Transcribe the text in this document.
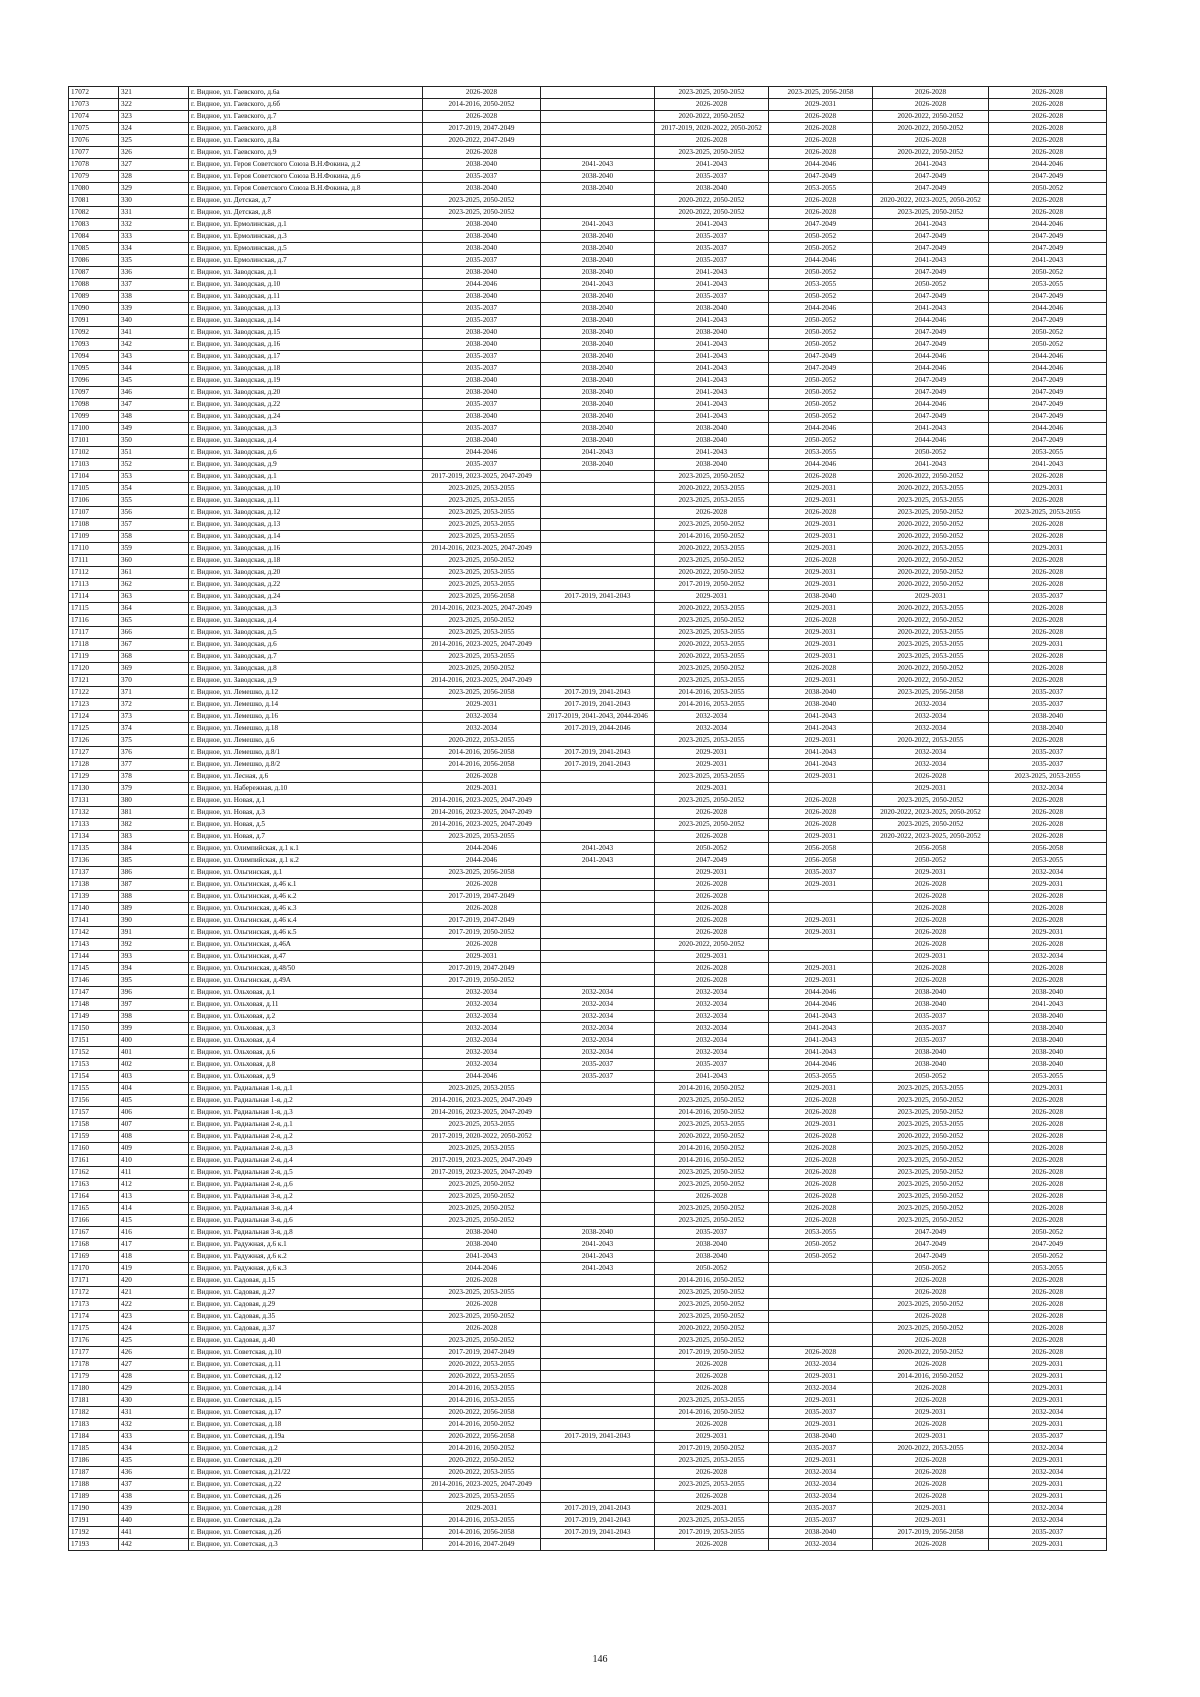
17072	321	г. Видное, ул. Гаевского, д.6а	2026-2028		2023-2025, 2050-2052	2023-2025, 2056-2058	2026-2028	2026-2028
17073	322	г. Видное, ул. Гаевского, д.6б	2014-2016, 2050-2052		2026-2028	2029-2031	2026-2028	2026-2028
17074	323	г. Видное, ул. Гаевского, д.7	2026-2028		2020-2022, 2050-2052	2026-2028	2020-2022, 2050-2052	2026-2028
17075	324	г. Видное, ул. Гаевского, д.8	2017-2019, 2047-2049		2017-2019, 2020-2022, 2050-2052	2026-2028	2020-2022, 2050-2052	2026-2028
17076	325	г. Видное, ул. Гаевского, д.8а	2020-2022, 2047-2049		2026-2028	2026-2028	2026-2028	2026-2028
17077	326	г. Видное, ул. Гаевского, д.9	2026-2028		2023-2025, 2050-2052	2026-2028	2020-2022, 2050-2052	2026-2028
17078	327	г. Видное, ул. Героя Советского Союза В.Н.Фокина, д.2	2038-2040	2041-2043	2041-2043	2044-2046	2041-2043	2044-2046
17079	328	г. Видное, ул. Героя Советского Союза В.Н.Фокина, д.6	2035-2037	2038-2040	2035-2037	2047-2049	2047-2049	2047-2049
17080	329	г. Видное, ул. Героя Советского Союза В.Н.Фокина, д.8	2038-2040	2038-2040	2038-2040	2053-2055	2047-2049	2050-2052
17081	330	г. Видное, ул. Детская, д.7	2023-2025, 2050-2052		2020-2022, 2050-2052	2026-2028	2020-2022, 2023-2025, 2050-2052	2026-2028
17082	331	г. Видное, ул. Детская, д.8	2023-2025, 2050-2052		2020-2022, 2050-2052	2026-2028	2023-2025, 2050-2052	2026-2028
17083	332	г. Видное, ул. Ермолинская, д.1	2038-2040	2041-2043	2041-2043	2047-2049	2041-2043	2044-2046
17084	333	г. Видное, ул. Ермолинская, д.3	2038-2040	2038-2040	2035-2037	2050-2052	2047-2049	2047-2049
17085	334	г. Видное, ул. Ермолинская, д.5	2038-2040	2038-2040	2035-2037	2050-2052	2047-2049	2047-2049
17086	335	г. Видное, ул. Ермолинская, д.7	2035-2037	2038-2040	2035-2037	2044-2046	2041-2043	2041-2043
17087	336	г. Видное, ул. Заводская, д.1	2038-2040	2038-2040	2041-2043	2050-2052	2047-2049	2050-2052
17088	337	г. Видное, ул. Заводская, д.10	2044-2046	2041-2043	2041-2043	2053-2055	2050-2052	2053-2055
17089	338	г. Видное, ул. Заводская, д.11	2038-2040	2038-2040	2035-2037	2050-2052	2047-2049	2047-2049
17090	339	г. Видное, ул. Заводская, д.13	2035-2037	2038-2040	2038-2040	2044-2046	2041-2043	2044-2046
17091	340	г. Видное, ул. Заводская, д.14	2035-2037	2038-2040	2041-2043	2050-2052	2044-2046	2047-2049
17092	341	г. Видное, ул. Заводская, д.15	2038-2040	2038-2040	2038-2040	2050-2052	2047-2049	2050-2052
17093	342	г. Видное, ул. Заводская, д.16	2038-2040	2038-2040	2041-2043	2050-2052	2047-2049	2050-2052
17094	343	г. Видное, ул. Заводская, д.17	2035-2037	2038-2040	2041-2043	2047-2049	2044-2046	2044-2046
17095	344	г. Видное, ул. Заводская, д.18	2035-2037	2038-2040	2041-2043	2047-2049	2044-2046	2044-2046
17096	345	г. Видное, ул. Заводская, д.19	2038-2040	2038-2040	2041-2043	2050-2052	2047-2049	2047-2049
17097	346	г. Видное, ул. Заводская, д.20	2038-2040	2038-2040	2041-2043	2050-2052	2047-2049	2047-2049
17098	347	г. Видное, ул. Заводская, д.22	2035-2037	2038-2040	2041-2043	2050-2052	2044-2046	2047-2049
17099	348	г. Видное, ул. Заводская, д.24	2038-2040	2038-2040	2041-2043	2050-2052	2047-2049	2047-2049
17100	349	г. Видное, ул. Заводская, д.3	2035-2037	2038-2040	2038-2040	2044-2046	2041-2043	2044-2046
17101	350	г. Видное, ул. Заводская, д.4	2038-2040	2038-2040	2038-2040	2050-2052	2044-2046	2047-2049
17102	351	г. Видное, ул. Заводская, д.6	2044-2046	2041-2043	2041-2043	2053-2055	2050-2052	2053-2055
17103	352	г. Видное, ул. Заводская, д.9	2035-2037	2038-2040	2038-2040	2044-2046	2041-2043	2041-2043
17104	353	г. Видное, ул. Заводская, д.1	2017-2019, 2023-2025, 2047-2049		2023-2025, 2050-2052	2026-2028	2020-2022, 2050-2052	2026-2028
17105	354	г. Видное, ул. Заводская, д.10	2023-2025, 2053-2055		2020-2022, 2053-2055	2029-2031	2020-2022, 2053-2055	2029-2031
17106	355	г. Видное, ул. Заводская, д.11	2023-2025, 2053-2055		2023-2025, 2053-2055	2029-2031	2023-2025, 2053-2055	2026-2028
17107	356	г. Видное, ул. Заводская, д.12	2023-2025, 2053-2055		2026-2028	2026-2028	2023-2025, 2050-2052	2023-2025, 2053-2055
17108	357	г. Видное, ул. Заводская, д.13	2023-2025, 2053-2055		2023-2025, 2050-2052	2029-2031	2020-2022, 2050-2052	2026-2028
17109	358	г. Видное, ул. Заводская, д.14	2023-2025, 2053-2055		2014-2016, 2050-2052	2029-2031	2020-2022, 2050-2052	2026-2028
17110	359	г. Видное, ул. Заводская, д.16	2014-2016, 2023-2025, 2047-2049		2020-2022, 2053-2055	2029-2031	2020-2022, 2053-2055	2029-2031
17111	360	г. Видное, ул. Заводская, д.18	2023-2025, 2050-2052		2023-2025, 2050-2052	2026-2028	2020-2022, 2050-2052	2026-2028
17112	361	г. Видное, ул. Заводская, д.20	2023-2025, 2053-2055		2020-2022, 2050-2052	2029-2031	2020-2022, 2050-2052	2026-2028
17113	362	г. Видное, ул. Заводская, д.22	2023-2025, 2053-2055		2017-2019, 2050-2052	2029-2031	2020-2022, 2050-2052	2026-2028
17114	363	г. Видное, ул. Заводская, д.24	2023-2025, 2056-2058	2017-2019, 2041-2043	2029-2031	2038-2040	2029-2031	2035-2037
17115	364	г. Видное, ул. Заводская, д.3	2014-2016, 2023-2025, 2047-2049		2020-2022, 2053-2055	2029-2031	2020-2022, 2053-2055	2026-2028
17116	365	г. Видное, ул. Заводская, д.4	2023-2025, 2050-2052		2023-2025, 2050-2052	2026-2028	2020-2022, 2050-2052	2026-2028
17117	366	г. Видное, ул. Заводская, д.5	2023-2025, 2053-2055		2023-2025, 2053-2055	2029-2031	2020-2022, 2053-2055	2026-2028
17118	367	г. Видное, ул. Заводская, д.6	2014-2016, 2023-2025, 2047-2049		2020-2022, 2053-2055	2029-2031	2023-2025, 2053-2055	2029-2031
17119	368	г. Видное, ул. Заводская, д.7	2023-2025, 2053-2055		2020-2022, 2053-2055	2029-2031	2023-2025, 2053-2055	2026-2028
17120	369	г. Видное, ул. Заводская, д.8	2023-2025, 2050-2052		2023-2025, 2050-2052	2026-2028	2020-2022, 2050-2052	2026-2028
17121	370	г. Видное, ул. Заводская, д.9	2014-2016, 2023-2025, 2047-2049		2023-2025, 2053-2055	2029-2031	2020-2022, 2050-2052	2026-2028
17122	371	г. Видное, ул. Лемешко, д.12	2023-2025, 2056-2058	2017-2019, 2041-2043	2014-2016, 2053-2055	2038-2040	2023-2025, 2056-2058	2035-2037
17123	372	г. Видное, ул. Лемешко, д.14	2029-2031	2017-2019, 2041-2043	2014-2016, 2053-2055	2038-2040	2032-2034	2035-2037
17124	373	г. Видное, ул. Лемешко, д.16	2032-2034	2017-2019, 2041-2043, 2044-2046	2032-2034	2041-2043	2032-2034	2038-2040
17125	374	г. Видное, ул. Лемешко, д.18	2032-2034	2017-2019, 2044-2046	2032-2034	2041-2043	2032-2034	2038-2040
17126	375	г. Видное, ул. Лемешко, д.6	2020-2022, 2053-2055		2023-2025, 2053-2055	2029-2031	2020-2022, 2053-2055	2026-2028
17127	376	г. Видное, ул. Лемешко, д.8/1	2014-2016, 2056-2058	2017-2019, 2041-2043	2029-2031	2041-2043	2032-2034	2035-2037
17128	377	г. Видное, ул. Лемешко, д.8/2	2014-2016, 2056-2058	2017-2019, 2041-2043	2029-2031	2041-2043	2032-2034	2035-2037
17129	378	г. Видное, ул. Лесная, д.6	2026-2028		2023-2025, 2053-2055	2029-2031	2026-2028	2023-2025, 2053-2055
17130	379	г. Видное, ул. Набережная, д.10	2029-2031		2029-2031		2029-2031	2032-2034
17131	380	г. Видное, ул. Новая, д.1	2014-2016, 2023-2025, 2047-2049		2023-2025, 2050-2052	2026-2028	2023-2025, 2050-2052	2026-2028
17132	381	г. Видное, ул. Новая, д.3	2014-2016, 2023-2025, 2047-2049		2026-2028	2026-2028	2020-2022, 2023-2025, 2050-2052	2026-2028
17133	382	г. Видное, ул. Новая, д.5	2014-2016, 2023-2025, 2047-2049		2023-2025, 2050-2052	2026-2028	2023-2025, 2050-2052	2026-2028
17134	383	г. Видное, ул. Новая, д.7	2023-2025, 2053-2055		2026-2028	2029-2031	2020-2022, 2023-2025, 2050-2052	2026-2028
17135	384	г. Видное, ул. Олимпийская, д.1 к.1	2044-2046	2041-2043	2050-2052	2056-2058	2056-2058	2056-2058
17136	385	г. Видное, ул. Олимпийская, д.1 к.2	2044-2046	2041-2043	2047-2049	2056-2058	2050-2052	2053-2055
17137	386	г. Видное, ул. Ольгинская, д.1	2023-2025, 2056-2058		2029-2031	2035-2037	2029-2031	2032-2034
17138	387	г. Видное, ул. Ольгинская, д.46 к.1	2026-2028		2026-2028	2029-2031	2026-2028	2029-2031
17139	388	г. Видное, ул. Ольгинская, д.46 к.2	2017-2019, 2047-2049		2026-2028		2026-2028	2026-2028
17140	389	г. Видное, ул. Ольгинская, д.46 к.3	2026-2028		2026-2028		2026-2028	2026-2028
17141	390	г. Видное, ул. Ольгинская, д.46 к.4	2017-2019, 2047-2049		2026-2028	2029-2031	2026-2028	2026-2028
17142	391	г. Видное, ул. Ольгинская, д.46 к.5	2017-2019, 2050-2052		2026-2028	2029-2031	2026-2028	2029-2031
17143	392	г. Видное, ул. Ольгинская, д.46А	2026-2028		2020-2022, 2050-2052		2026-2028	2026-2028
17144	393	г. Видное, ул. Ольгинская, д.47	2029-2031		2029-2031		2029-2031	2032-2034
17145	394	г. Видное, ул. Ольгинская, д.48/50	2017-2019, 2047-2049		2026-2028	2029-2031	2026-2028	2026-2028
17146	395	г. Видное, ул. Ольгинская, д.49А	2017-2019, 2050-2052		2026-2028	2029-2031	2026-2028	2026-2028
17147	396	г. Видное, ул. Ольховая, д.1	2032-2034	2032-2034	2032-2034	2044-2046	2038-2040	2038-2040
17148	397	г. Видное, ул. Ольховая, д.11	2032-2034	2032-2034	2032-2034	2044-2046	2038-2040	2041-2043
17149	398	г. Видное, ул. Ольховая, д.2	2032-2034	2032-2034	2032-2034	2041-2043	2035-2037	2038-2040
17150	399	г. Видное, ул. Ольховая, д.3	2032-2034	2032-2034	2032-2034	2041-2043	2035-2037	2038-2040
17151	400	г. Видное, ул. Ольховая, д.4	2032-2034	2032-2034	2032-2034	2041-2043	2035-2037	2038-2040
17152	401	г. Видное, ул. Ольховая, д.6	2032-2034	2032-2034	2032-2034	2041-2043	2038-2040	2038-2040
17153	402	г. Видное, ул. Ольховая, д.8	2032-2034	2035-2037	2035-2037	2044-2046	2038-2040	2038-2040
17154	403	г. Видное, ул. Ольховая, д.9	2044-2046	2035-2037	2041-2043	2053-2055	2050-2052	2053-2055
17155	404	г. Видное, ул. Радиальная 1-я, д.1	2023-2025, 2053-2055		2014-2016, 2050-2052	2029-2031	2023-2025, 2053-2055	2029-2031
17156	405	г. Видное, ул. Радиальная 1-я, д.2	2014-2016, 2023-2025, 2047-2049		2023-2025, 2050-2052	2026-2028	2023-2025, 2050-2052	2026-2028
17157	406	г. Видное, ул. Радиальная 1-я, д.3	2014-2016, 2023-2025, 2047-2049		2014-2016, 2050-2052	2026-2028	2023-2025, 2050-2052	2026-2028
17158	407	г. Видное, ул. Радиальная 2-я, д.1	2023-2025, 2053-2055		2023-2025, 2053-2055	2029-2031	2023-2025, 2053-2055	2026-2028
17159	408	г. Видное, ул. Радиальная 2-я, д.2	2017-2019, 2020-2022, 2050-2052		2020-2022, 2050-2052	2026-2028	2020-2022, 2050-2052	2026-2028
17160	409	г. Видное, ул. Радиальная 2-я, д.3	2023-2025, 2053-2055		2014-2016, 2050-2052	2026-2028	2023-2025, 2050-2052	2026-2028
17161	410	г. Видное, ул. Радиальная 2-я, д.4	2017-2019, 2023-2025, 2047-2049		2014-2016, 2050-2052	2026-2028	2023-2025, 2050-2052	2026-2028
17162	411	г. Видное, ул. Радиальная 2-я, д.5	2017-2019, 2023-2025, 2047-2049		2023-2025, 2050-2052	2026-2028	2023-2025, 2050-2052	2026-2028
17163	412	г. Видное, ул. Радиальная 2-я, д.6	2023-2025, 2050-2052		2023-2025, 2050-2052	2026-2028	2023-2025, 2050-2052	2026-2028
17164	413	г. Видное, ул. Радиальная 3-я, д.2	2023-2025, 2050-2052		2026-2028	2026-2028	2023-2025, 2050-2052	2026-2028
17165	414	г. Видное, ул. Радиальная 3-я, д.4	2023-2025, 2050-2052		2023-2025, 2050-2052	2026-2028	2023-2025, 2050-2052	2026-2028
17166	415	г. Видное, ул. Радиальная 3-я, д.6	2023-2025, 2050-2052		2023-2025, 2050-2052	2026-2028	2023-2025, 2050-2052	2026-2028
17167	416	г. Видное, ул. Радиальная 3-я, д.8	2038-2040	2038-2040	2035-2037	2053-2055	2047-2049	2050-2052
17168	417	г. Видное, ул. Радужная, д.6 к.1	2038-2040	2041-2043	2038-2040	2050-2052	2047-2049	2047-2049
17169	418	г. Видное, ул. Радужная, д.6 к.2	2041-2043	2041-2043	2038-2040	2050-2052	2047-2049	2050-2052
17170	419	г. Видное, ул. Радужная, д.6 к.3	2044-2046	2041-2043	2050-2052		2050-2052	2053-2055
17171	420	г. Видное, ул. Садовая, д.15	2026-2028		2014-2016, 2050-2052		2026-2028	2026-2028
17172	421	г. Видное, ул. Садовая, д.27	2023-2025, 2053-2055		2023-2025, 2050-2052		2026-2028	2026-2028
17173	422	г. Видное, ул. Садовая, д.29	2026-2028		2023-2025, 2050-2052		2023-2025, 2050-2052	2026-2028
17174	423	г. Видное, ул. Садовая, д.35	2023-2025, 2050-2052		2023-2025, 2050-2052		2026-2028	2026-2028
17175	424	г. Видное, ул. Садовая, д.37	2026-2028		2020-2022, 2050-2052		2023-2025, 2050-2052	2026-2028
17176	425	г. Видное, ул. Садовая, д.40	2023-2025, 2050-2052		2023-2025, 2050-2052		2026-2028	2026-2028
17177	426	г. Видное, ул. Советская, д.10	2017-2019, 2047-2049		2017-2019, 2050-2052	2026-2028	2020-2022, 2050-2052	2026-2028
17178	427	г. Видное, ул. Советская, д.11	2020-2022, 2053-2055		2026-2028	2032-2034	2026-2028	2029-2031
17179	428	г. Видное, ул. Советская, д.12	2020-2022, 2053-2055		2026-2028	2029-2031	2014-2016, 2050-2052	2029-2031
17180	429	г. Видное, ул. Советская, д.14	2014-2016, 2053-2055		2026-2028	2032-2034	2026-2028	2029-2031
17181	430	г. Видное, ул. Советская, д.15	2014-2016, 2053-2055		2023-2025, 2053-2055	2029-2031	2026-2028	2029-2031
17182	431	г. Видное, ул. Советская, д.17	2020-2022, 2056-2058		2014-2016, 2050-2052	2035-2037	2029-2031	2032-2034
17183	432	г. Видное, ул. Советская, д.18	2014-2016, 2050-2052		2026-2028	2029-2031	2026-2028	2029-2031
17184	433	г. Видное, ул. Советская, д.19а	2020-2022, 2056-2058	2017-2019, 2041-2043	2029-2031	2038-2040	2029-2031	2035-2037
17185	434	г. Видное, ул. Советская, д.2	2014-2016, 2050-2052		2017-2019, 2050-2052	2035-2037	2020-2022, 2053-2055	2032-2034
17186	435	г. Видное, ул. Советская, д.20	2020-2022, 2050-2052		2023-2025, 2053-2055	2029-2031	2026-2028	2029-2031
17187	436	г. Видное, ул. Советская, д.21/22	2020-2022, 2053-2055		2026-2028	2032-2034	2026-2028	2032-2034
17188	437	г. Видное, ул. Советская, д.22	2014-2016, 2023-2025, 2047-2049		2023-2025, 2053-2055	2032-2034	2026-2028	2029-2031
17189	438	г. Видное, ул. Советская, д.26	2023-2025, 2053-2055		2026-2028	2032-2034	2026-2028	2029-2031
17190	439	г. Видное, ул. Советская, д.28	2029-2031	2017-2019, 2041-2043	2029-2031	2035-2037	2029-2031	2032-2034
17191	440	г. Видное, ул. Советская, д.2а	2014-2016, 2053-2055	2017-2019, 2041-2043	2023-2025, 2053-2055	2035-2037	2029-2031	2032-2034
17192	441	г. Видное, ул. Советская, д.2б	2014-2016, 2056-2058	2017-2019, 2041-2043	2017-2019, 2053-2055	2038-2040	2017-2019, 2056-2058	2035-2037
17193	442	г. Видное, ул. Советская, д.3	2014-2016, 2047-2049		2026-2028	2032-2034	2026-2028	2029-2031
146
